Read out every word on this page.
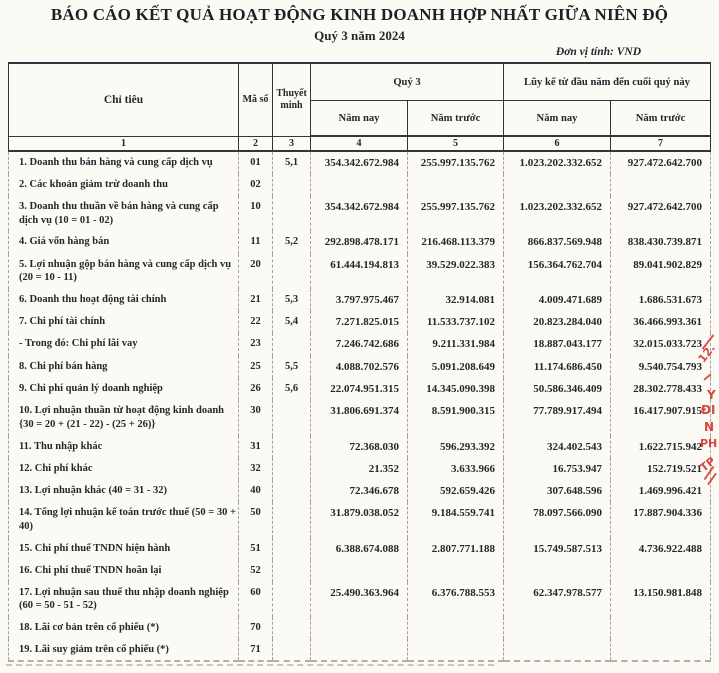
BÁO CÁO KẾT QUẢ HOẠT ĐỘNG KINH DOANH HỢP NHẤT GIỮA NIÊN ĐỘ
Quý 3 năm 2024
Đơn vị tính: VND
Chỉ tiêu	Mã số	Thuyết minh	Quý 3		Lũy kế từ đầu năm đến cuối quý này	
			Năm nay	Năm trước	Năm nay	Năm trước
1	2	3	4	5	6	7
1. Doanh thu bán hàng và cung cấp dịch vụ	01	5,1	354.342.672.984	255.997.135.762	1.023.202.332.652	927.472.642.700
2. Các khoản giảm trừ doanh thu	02					
3. Doanh thu thuần về bán hàng và cung cấp dịch vụ (10 = 01 - 02)	10		354.342.672.984	255.997.135.762	1.023.202.332.652	927.472.642.700
4. Giá vốn hàng bán	11	5,2	292.898.478.171	216.468.113.379	866.837.569.948	838.430.739.871
5. Lợi nhuận gộp bán hàng và cung cấp dịch vụ (20 = 10 - 11)	20		61.444.194.813	39.529.022.383	156.364.762.704	89.041.902.829
6. Doanh thu hoạt động tài chính	21	5,3	3.797.975.467	32.914.081	4.009.471.689	1.686.531.673
7. Chi phí tài chính	22	5,4	7.271.825.015	11.533.737.102	20.823.284.040	36.466.993.361
- Trong đó: Chi phí lãi vay	23		7.246.742.686	9.211.331.984	18.887.043.177	32.015.033.723
8. Chi phí bán hàng	25	5,5	4.088.702.576	5.091.208.649	11.174.686.450	9.540.754.793
9. Chi phí quản lý doanh nghiệp	26	5,6	22.074.951.315	14.345.090.398	50.586.346.409	28.302.778.433
10. Lợi nhuận thuần từ hoạt động kinh doanh {30 = 20 + (21 - 22) - (25 + 26)}	30		31.806.691.374	8.591.900.315	77.789.917.494	16.417.907.915
11. Thu nhập khác	31		72.368.030	596.293.392	324.402.543	1.622.715.942
12. Chi phí khác	32		21.352	3.633.966	16.753.947	152.719.521
13. Lợi nhuận khác (40 = 31 - 32)	40		72.346.678	592.659.426	307.648.596	1.469.996.421
14. Tổng lợi nhuận kế toán trước thuế (50 = 30 + 40)	50		31.879.038.052	9.184.559.741	78.097.566.090	17.887.904.336
15. Chi phí thuế TNDN hiện hành	51		6.388.674.088	2.807.771.188	15.749.587.513	4.736.922.488
16. Chi phí thuế TNDN hoãn lại	52					
17. Lợi nhuận sau thuế thu nhập doanh nghiệp (60 = 50 - 51 - 52)	60		25.490.363.964	6.376.788.553	62.347.978.577	13.150.981.848
18. Lãi cơ bản trên cổ phiếu (*)	70					
19. Lãi suy giảm trên cổ phiếu (*)	71					
12.
Y
ĐI
N
PH
TP
